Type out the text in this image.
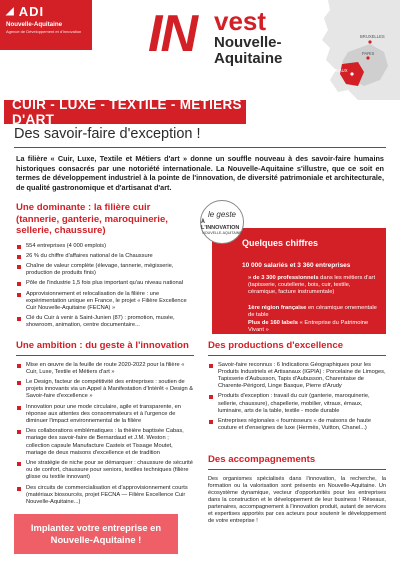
◢ ADI
Nouvelle-Aquitaine
Agence de Développement et d'Innovation IN vest
Nouvelle-
Aquitaine
BRUXELLES
PARIS
BORDEAUX
CUIR - LUXE - TEXTILE - MÉTIERS D'ART
Des savoir-faire d'exception !

La filière « Cuir, Luxe, Textile et Métiers d'art » donne un souffle nouveau à des savoir-faire humains historiques consacrés par une notoriété internationale. La Nouvelle-Aquitaine s'illustre, que ce soit en termes de développement industriel à la pointe de l'innovation, de diversité patrimoniale et architecturale, de qualité gastronomique et d'artisanat d'art.

Une dominante : la filière cuir (tannerie, ganterie, maroquinerie, sellerie, chaussure)
554 entreprises (4 000 emplois)
26 % du chiffre d'affaires national de la Chaussure
Chaîne de valeur complète (élevage, tannerie, mégisserie, production de produits finis)
Pôle de l'industrie 1,5 fois plus important qu'au niveau national
Approvisionnement et relocalisation de la filière : une expérimentation unique en France, le projet « Filière Excellence Cuir Nouvelle-Aquitaine (FECNA) »
Clé du Cuir à venir à Saint-Junien (87) : promotion, musée, showroom, animation, centre documentaire...
Une ambition : du geste à l'innovation
Mise en œuvre de la feuille de route 2020-2022 pour la filière « Cuir, Luxe, Textile et Métiers d'art »
Le Design, facteur de compétitivité des entreprises : soutien de projets innovants via un Appel à Manifestation d'Intérêt « Design & Savoir-faire d'excellence »
Innovation pour une mode circulaire, agile et transparente, en réponse aux attentes des consommateurs et à l'urgence de diminuer l'impact environnemental de la filière
Des collaborations emblématiques : la thèière baptisée Cabas, mariage des savoir-faire de Bernardaud et J.M. Weston ; collection capsule Manufacture Casteix et Tissage Moutet, mariage de deux maisons d'excellence et de tradition
Une stratégie de niche pour se démarquer : chaussure de sécurité ou de confort, chaussure pour seniors, textiles techniques (filière glisse ou textile innovant)
Des circuits de commercialisation et d'approvisionnement courts (matériaux biosourcés, projet FECNA — Filière Excellence Cuir Nouvelle-Aquitaine...)
Quelques chiffres
10 000 salariés et 3 360 entreprises
» de 3 300 professionnels dans les métiers d'art (tapisserie, coutellerie, bois, cuir, textile, céramique, facture instrumentale)
1ère région française en céramique ornementale de table
Plus de 160 labels « Entreprise du Patrimoine Vivant »
le geste
À L'INNOVATION
NOUVELLE-AQUITAINE
Des productions d'excellence
Savoir-faire reconnus : 6 Indications Géographiques pour les Produits Industriels et Artisanaux (IGPIA) : Porcelaine de Limoges, Tapisserie d'Aubusson, Tapis d'Aubusson, Charentaise de Charente-Périgord, Linge Basque, Pierre d'Arudy
Produits d'exception : travail du cuir (ganterie, maroquinerie, sellerie, chaussure), chapellerie, mobilier, vitraux, émaux, luminaire, arts de la table, textile - mode durable
Entreprises régionales « fournisseurs » de maisons de haute couture et d'enseignes de luxe (Hermès, Vuitton, Chanel...)
Des accompagnements

Des organismes spécialisés dans l'innovation, la recherche, la formation ou la valorisation sont présents en Nouvelle-Aquitaine. Un écosystème dynamique, vecteur d'opportunités pour les entreprises dans la construction et le développement de leur business ! Réseaux, partenaires, accompagnement à l'innovation produit, autant de services et expertises apportés par ces acteurs pour soutenir le développement de votre entreprise !

Implantez votre entreprise en Nouvelle-Aquitaine !
